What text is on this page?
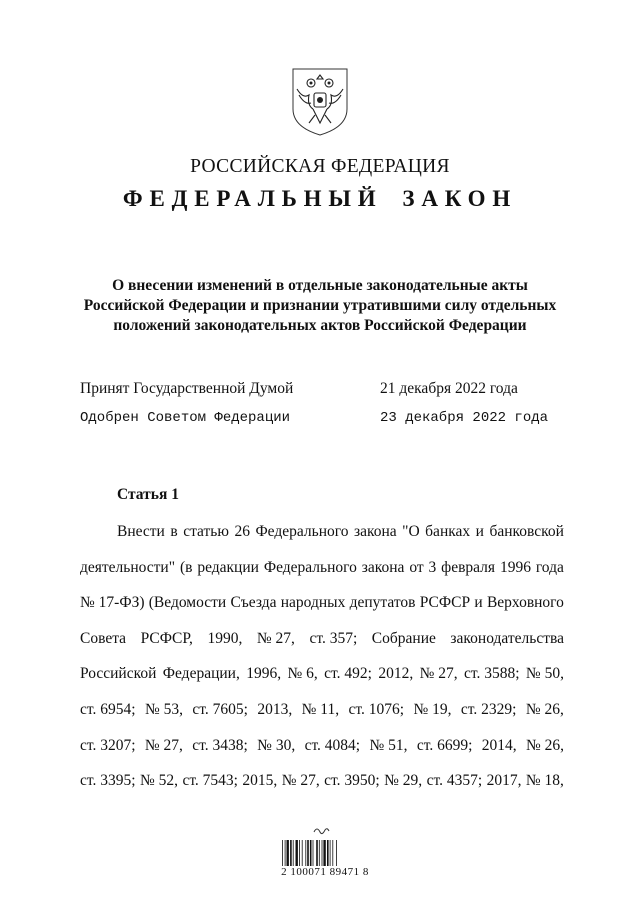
РОССИЙСКАЯ ФЕДЕРАЦИЯ
ФЕДЕРАЛЬНЫЙ ЗАКОН
О внесении изменений в отдельные законодательные акты
Российской Федерации и признании утратившими силу отдельных
положений законодательных актов Российской Федерации
Принят Государственной Думой	21 декабря 2022 года
Одобрен Советом Федерации	23 декабря 2022 года
Статья 1
Внести в статью 26 Федерального закона "О банках и банковской
деятельности" (в редакции Федерального закона от 3 февраля 1996 года
№ 17-ФЗ) (Ведомости Съезда народных депутатов РСФСР и Верховного
Совета РСФСР, 1990, № 27, ст. 357; Собрание законодательства
Российской Федерации, 1996, № 6, ст. 492; 2012, № 27, ст. 3588; № 50,
ст. 6954; № 53, ст. 7605; 2013, № 11, ст. 1076; № 19, ст. 2329; № 26,
ст. 3207; № 27, ст. 3438; № 30, ст. 4084; № 51, ст. 6699; 2014, № 26,
ст. 3395; № 52, ст. 7543; 2015, № 27, ст. 3950; № 29, ст. 4357; 2017, № 18,
2 100071 89471 8
